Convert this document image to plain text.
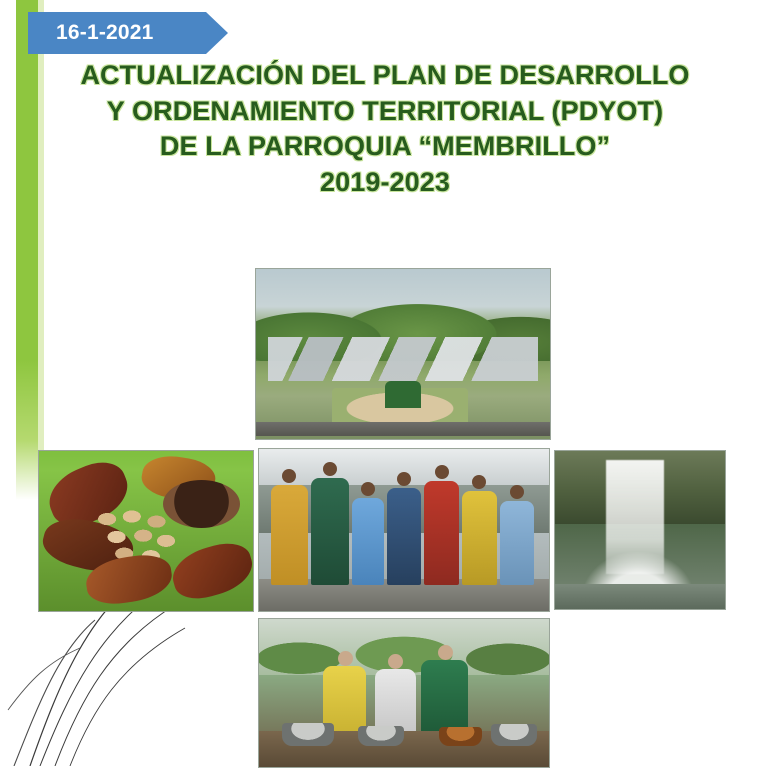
16-1-2021
ACTUALIZACIÓN DEL PLAN DE DESARROLLO
Y ORDENAMIENTO TERRITORIAL (PDYOT)
DE LA PARROQUIA “MEMBRILLO”
2019-2023
